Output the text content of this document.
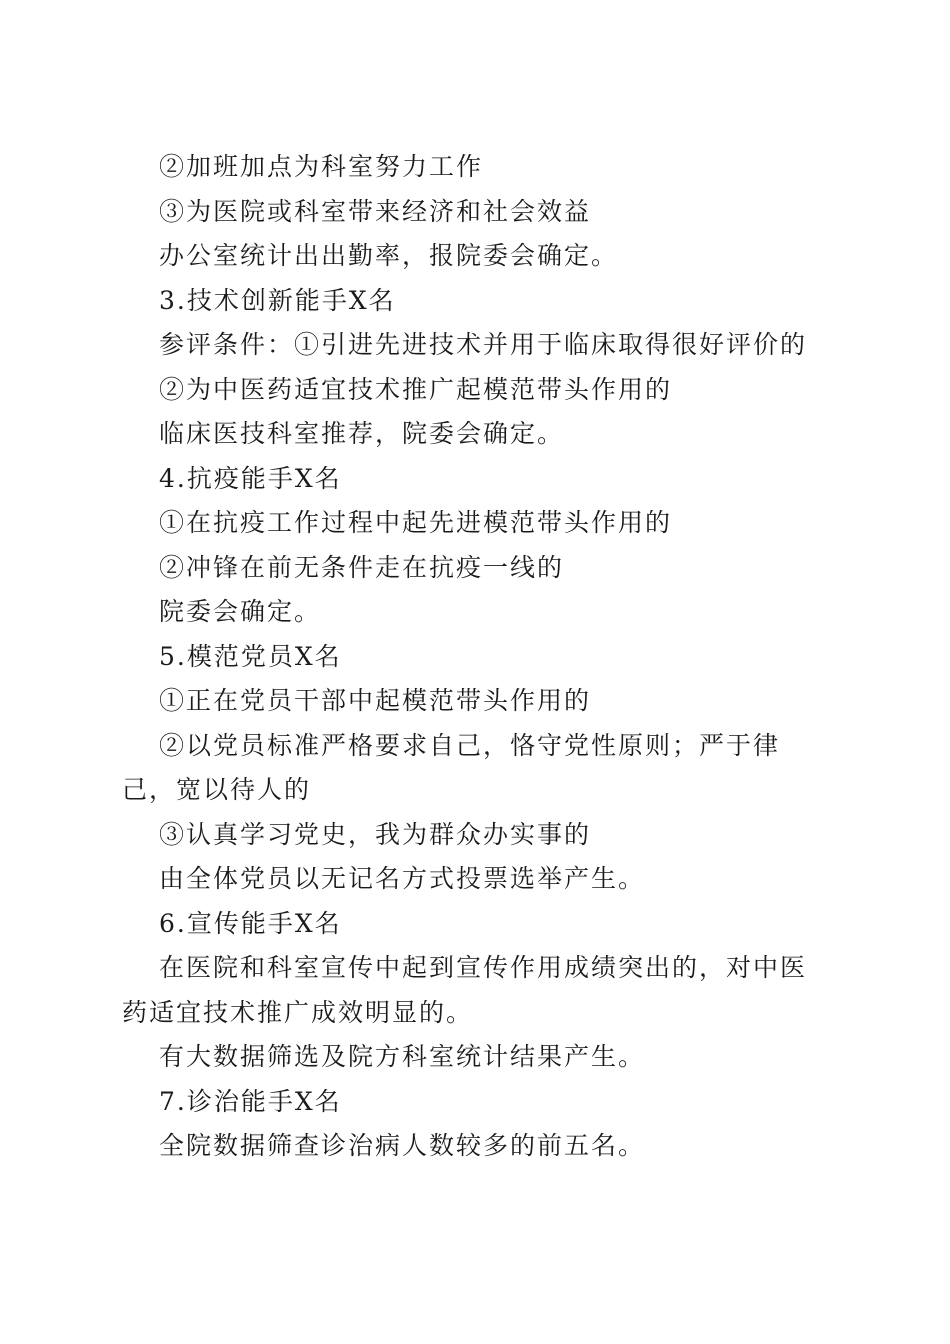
②加班加点为科室努力工作
③为医院或科室带来经济和社会效益
办公室统计出出勤率，报院委会确定。
3.技术创新能手X名
参评条件：①引进先进技术并用于临床取得很好评价的
②为中医药适宜技术推广起模范带头作用的
临床医技科室推荐，院委会确定。
4.抗疫能手X名
①在抗疫工作过程中起先进模范带头作用的
②冲锋在前无条件走在抗疫一线的
院委会确定。
5.模范党员X名
①正在党员干部中起模范带头作用的
②以党员标准严格要求自己，恪守党性原则；严于律己，宽以待人的
③认真学习党史，我为群众办实事的
由全体党员以无记名方式投票选举产生。
6.宣传能手X名
在医院和科室宣传中起到宣传作用成绩突出的，对中医药适宜技术推广成效明显的。
有大数据筛选及院方科室统计结果产生。
7.诊治能手X名
全院数据筛查诊治病人数较多的前五名。
